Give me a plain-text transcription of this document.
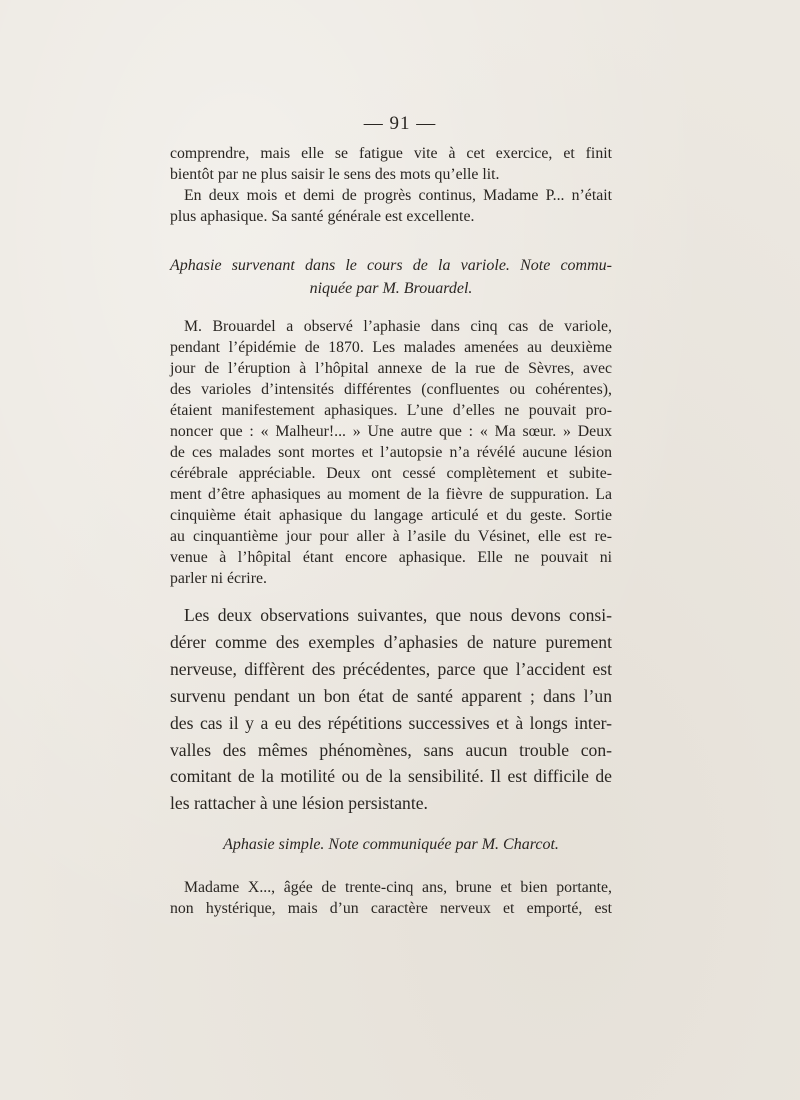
— 91 —
comprendre, mais elle se fatigue vite à cet exercice, et finit
bientôt par ne plus saisir le sens des mots qu’elle lit.
En deux mois et demi de progrès continus, Madame P... n’était
plus aphasique. Sa santé générale est excellente.
Aphasie survenant dans le cours de la variole. Note commu-
niquée par M. Brouardel.
M. Brouardel a observé l’aphasie dans cinq cas de variole,
pendant l’épidémie de 1870. Les malades amenées au deuxième
jour de l’éruption à l’hôpital annexe de la rue de Sèvres, avec
des varioles d’intensités différentes (confluentes ou cohérentes),
étaient manifestement aphasiques. L’une d’elles ne pouvait pro-
noncer que : « Malheur!... » Une autre que : « Ma sœur. » Deux
de ces malades sont mortes et l’autopsie n’a révélé aucune lésion
cérébrale appréciable. Deux ont cessé complètement et subite-
ment d’être aphasiques au moment de la fièvre de suppuration. La
cinquième était aphasique du langage articulé et du geste. Sortie
au cinquantième jour pour aller à l’asile du Vésinet, elle est re-
venue à l’hôpital étant encore aphasique. Elle ne pouvait ni
parler ni écrire.
Les deux observations suivantes, que nous devons consi-
dérer comme des exemples d’aphasies de nature purement
nerveuse, diffèrent des précédentes, parce que l’accident est
survenu pendant un bon état de santé apparent ; dans l’un
des cas il y a eu des répétitions successives et à longs inter-
valles des mêmes phénomènes, sans aucun trouble con-
comitant de la motilité ou de la sensibilité. Il est difficile de
les rattacher à une lésion persistante.
Aphasie simple. Note communiquée par M. Charcot.
Madame X..., âgée de trente-cinq ans, brune et bien portante,
non hystérique, mais d’un caractère nerveux et emporté, est
